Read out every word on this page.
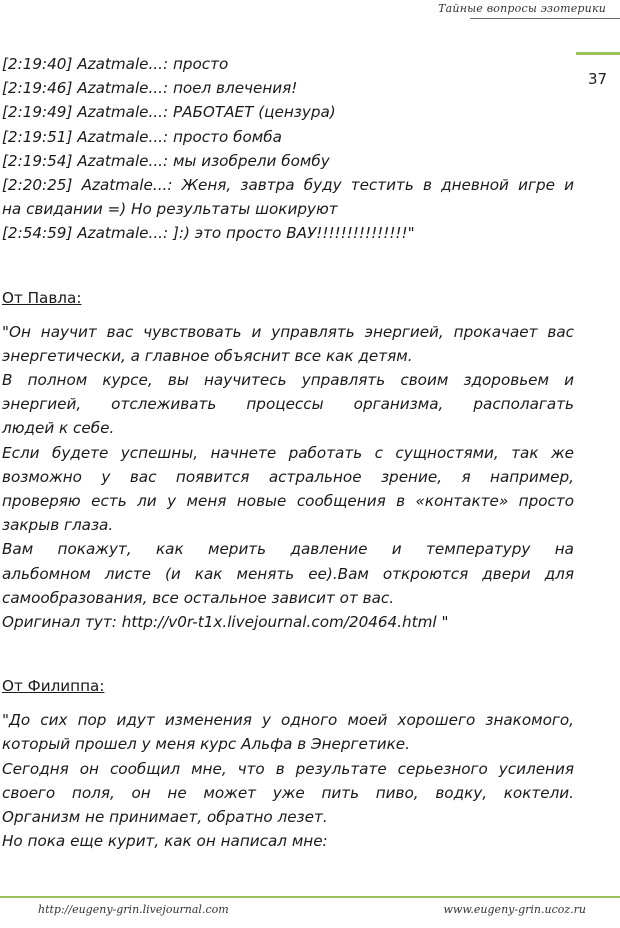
Тайные вопросы эзотерики
37

[2:19:40] Azatmale...: просто

[2:19:46] Azatmale...: поел влечения!

[2:19:49] Azatmale...: РАБОТАЕТ (цензура)

[2:19:51] Azatmale...: просто бомба

[2:19:54] Azatmale...: мы изобрели бомбу

[2:20:25] Azatmale...: Женя, завтра буду тестить в дневной игре и

на свидании =) Но результаты шокируют

[2:54:59] Azatmale...: ]:) это просто ВАУ!!!!!!!!!!!!!!!"

От Павла:

"Он научит вас чувствовать и управлять энергией, прокачает вас

энергетически, а главное объяснит все как детям.

В полном курсе, вы научитесь управлять своим здоровьем и

энергией, отслеживать процессы организма, располагать

людей к себе.

Если будете успешны, начнете работать с сущностями, так же

возможно у вас появится астральное зрение, я например,

проверяю есть ли у меня новые сообщения в «контакте» просто

закрыв глаза.

Вам покажут, как мерить давление и температуру на

альбомном листе (и как менять ее).Вам откроются двери для

самообразования, все остальное зависит от вас.

Оригинал тут: http://v0r-t1x.livejournal.com/20464.html "

От Филиппа:

"До сих пор идут изменения у одного моей хорошего знакомого,

который прошел у меня курс Альфа в Энергетике.

Сегодня он сообщил мне, что в результате серьезного усиления

своего поля, он не может уже пить пиво, водку, коктели.

Организм не принимает, обратно лезет.

Но пока еще курит, как он написал мне:

http://eugeny-grin.livejournal.com	www.eugeny-grin.ucoz.ru
